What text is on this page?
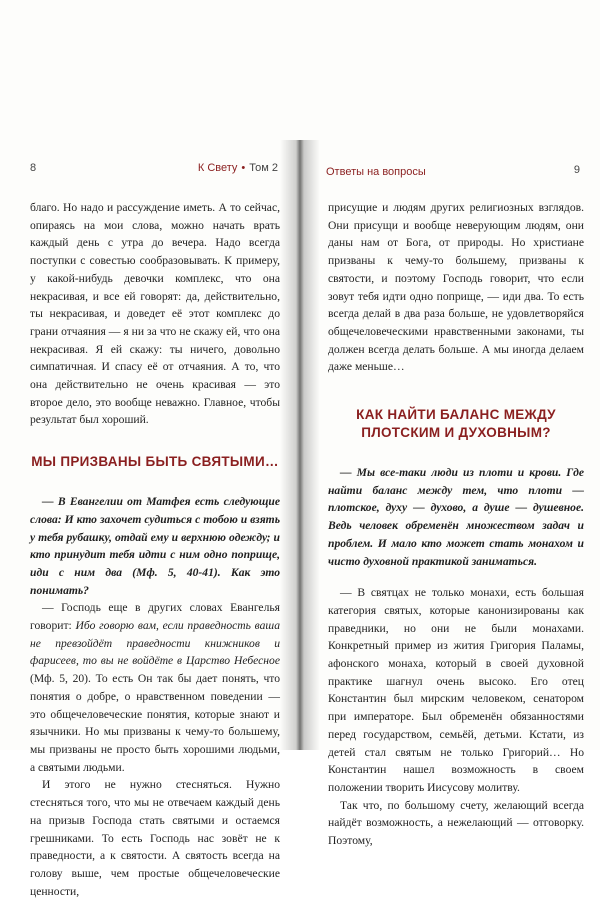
8	К Свету • Том 2

благо. Но надо и рассуждение иметь. А то сейчас, опираясь на мои слова, можно начать врать каждый день с утра до вечера. Надо всегда поступки с совестью сообразовывать. К примеру, у какой-нибудь девочки комплекс, что она некрасивая, и все ей говорят: да, действительно, ты некрасивая, и доведет её этот комплекс до грани отчаяния — я ни за что не скажу ей, что она некрасивая. Я ей скажу: ты ничего, довольно симпатичная. И спасу её от отчаяния. А то, что она действительно не очень красивая — это второе дело, это вообще неважно. Главное, чтобы результат был хороший.

МЫ ПРИЗВАНЫ БЫТЬ СВЯТЫМИ…

— В Евангелии от Матфея есть следующие слова: И кто захочет судиться с тобою и взять у тебя рубашку, отдай ему и верхнюю одежду; и кто принудит тебя идти с ним одно поприще, иди с ним два (Мф. 5, 40-41). Как это понимать?

— Господь еще в других словах Евангелья говорит: Ибо говорю вам, если праведность ваша не превзойдёт праведности книжников и фарисеев, то вы не войдёте в Царство Небесное (Мф. 5, 20). То есть Он так бы дает понять, что понятия о добре, о нравственном поведении — это общечеловеческие понятия, которые знают и язычники. Но мы призваны к чему-то большему, мы призваны не просто быть хорошими людьми, а святыми людьми.

И этого не нужно стесняться. Нужно стесняться того, что мы не отвечаем каждый день на призыв Господа стать святыми и остаемся грешниками. То есть Господь нас зовёт не к праведности, а к святости. А святость всегда на голову выше, чем простые общечеловеческие ценности,

Ответы на вопросы	9

присущие и людям других религиозных взглядов. Они присущи и вообще неверующим людям, они даны нам от Бога, от природы. Но христиане призваны к чему-то большему, призваны к святости, и поэтому Господь говорит, что если зовут тебя идти одно поприще, — иди два. То есть всегда делай в два раза больше, не удовлетворяйся общечеловеческими нравственными законами, ты должен всегда делать больше. А мы иногда делаем даже меньше…

КАК НАЙТИ БАЛАНС МЕЖДУ ПЛОТСКИМ И ДУХОВНЫМ?

— Мы все-таки люди из плоти и крови. Где найти баланс между тем, что плоти — плотское, духу — духово, а душе — душевное. Ведь человек обременён множеством задач и проблем. И мало кто может стать монахом и чисто духовной практикой заниматься.

— В святцах не только монахи, есть большая категория святых, которые канонизированы как праведники, но они не были монахами. Конкретный пример из жития Григория Паламы, афонского монаха, который в своей духовной практике шагнул очень высоко. Его отец Константин был мирским человеком, сенатором при императоре. Был обременён обязанностями перед государством, семьёй, детьми. Кстати, из детей стал святым не только Григорий… Но Константин нашел возможность в своем положении творить Иисусову молитву.

Так что, по большому счету, желающий всегда найдёт возможность, а нежелающий — отговорку. Поэтому,
